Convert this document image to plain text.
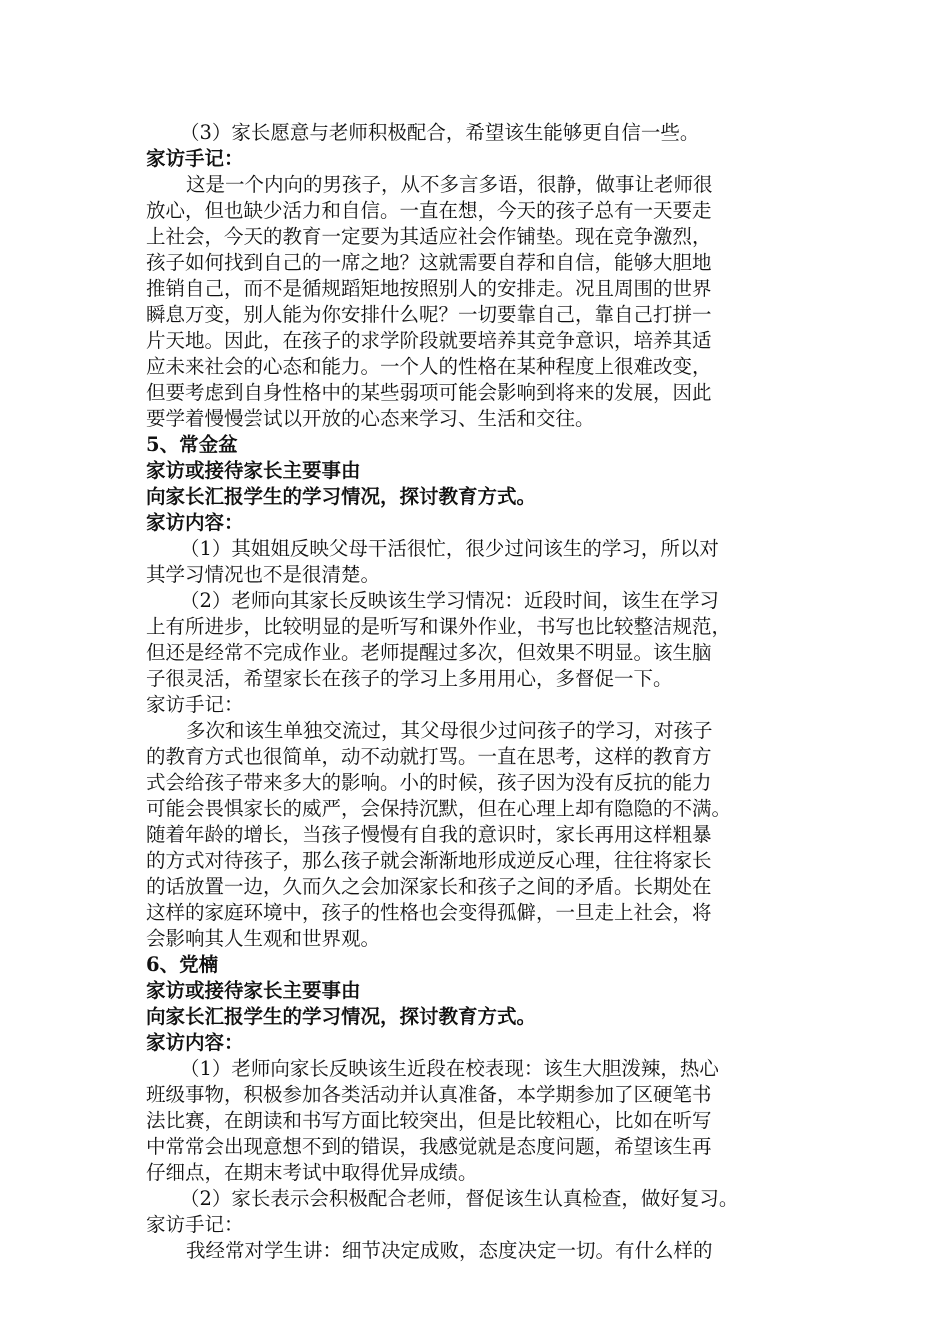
（3）家长愿意与老师积极配合，希望该生能够更自信一些。
家访手记：
这是一个内向的男孩子，从不多言多语，很静，做事让老师很
放心，但也缺少活力和自信。一直在想，今天的孩子总有一天要走
上社会，今天的教育一定要为其适应社会作铺垫。现在竞争激烈，
孩子如何找到自己的一席之地？这就需要自荐和自信，能够大胆地
推销自己，而不是循规蹈矩地按照别人的安排走。况且周围的世界
瞬息万变，别人能为你安排什么呢？一切要靠自己，靠自己打拼一
片天地。因此，在孩子的求学阶段就要培养其竞争意识，培养其适
应未来社会的心态和能力。一个人的性格在某种程度上很难改变，
但要考虑到自身性格中的某些弱项可能会影响到将来的发展，因此
要学着慢慢尝试以开放的心态来学习、生活和交往。
5、常金盆
家访或接待家长主要事由
向家长汇报学生的学习情况，探讨教育方式。
家访内容：
（1）其姐姐反映父母干活很忙，很少过问该生的学习，所以对
其学习情况也不是很清楚。
（2）老师向其家长反映该生学习情况：近段时间，该生在学习
上有所进步，比较明显的是听写和课外作业，书写也比较整洁规范，
但还是经常不完成作业。老师提醒过多次，但效果不明显。该生脑
子很灵活，希望家长在孩子的学习上多用用心，多督促一下。
家访手记：
多次和该生单独交流过，其父母很少过问孩子的学习，对孩子
的教育方式也很简单，动不动就打骂。一直在思考，这样的教育方
式会给孩子带来多大的影响。小的时候，孩子因为没有反抗的能力
可能会畏惧家长的威严，会保持沉默，但在心理上却有隐隐的不满。
随着年龄的增长，当孩子慢慢有自我的意识时，家长再用这样粗暴
的方式对待孩子，那么孩子就会渐渐地形成逆反心理，往往将家长
的话放置一边，久而久之会加深家长和孩子之间的矛盾。长期处在
这样的家庭环境中，孩子的性格也会变得孤僻，一旦走上社会，将
会影响其人生观和世界观。
6、党楠
家访或接待家长主要事由
向家长汇报学生的学习情况，探讨教育方式。
家访内容：
（1）老师向家长反映该生近段在校表现：该生大胆泼辣，热心
班级事物，积极参加各类活动并认真准备，本学期参加了区硬笔书
法比赛，在朗读和书写方面比较突出，但是比较粗心，比如在听写
中常常会出现意想不到的错误，我感觉就是态度问题，希望该生再
仔细点，在期末考试中取得优异成绩。
（2）家长表示会积极配合老师，督促该生认真检查，做好复习。
家访手记：
我经常对学生讲：细节决定成败，态度决定一切。有什么样的
